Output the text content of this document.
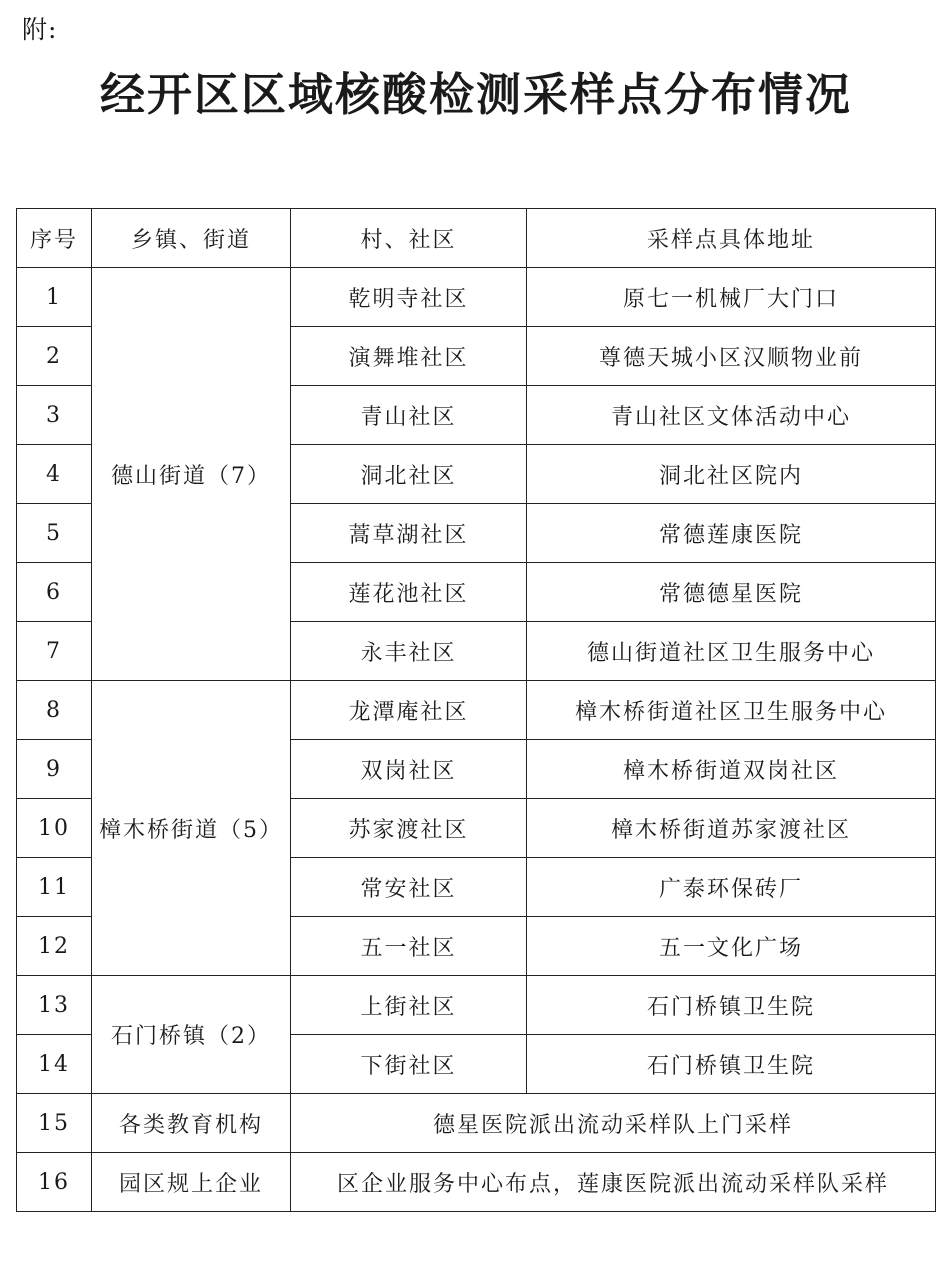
附:
经开区区域核酸检测采样点分布情况
序号	乡镇、街道	村、社区	采样点具体地址
1	德山街道（7）	乾明寺社区	原七一机械厂大门口
2		演舞堆社区	尊德天城小区汉顺物业前
3		青山社区	青山社区文体活动中心
4		洞北社区	洞北社区院内
5		蒿草湖社区	常德莲康医院
6		莲花池社区	常德德星医院
7		永丰社区	德山街道社区卫生服务中心
8	樟木桥街道（5）	龙潭庵社区	樟木桥街道社区卫生服务中心
9		双岗社区	樟木桥街道双岗社区
10		苏家渡社区	樟木桥街道苏家渡社区
11		常安社区	广泰环保砖厂
12		五一社区	五一文化广场
13	石门桥镇（2）	上街社区	石门桥镇卫生院
14		下街社区	石门桥镇卫生院
15	各类教育机构	德星医院派出流动采样队上门采样	
16	园区规上企业	区企业服务中心布点，莲康医院派出流动采样队采样	
